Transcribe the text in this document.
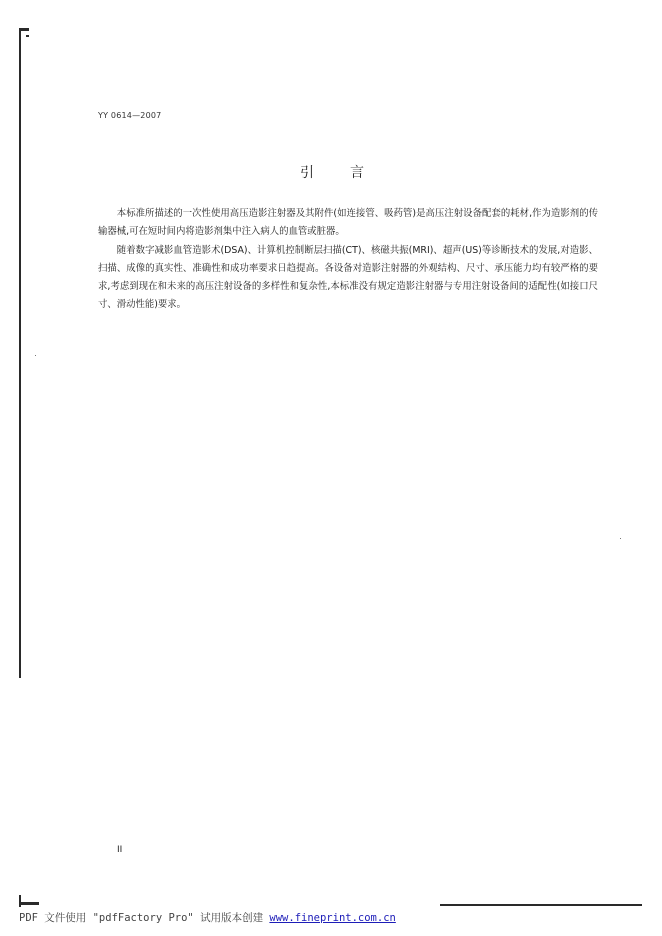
YY 0614—2007
引言

本标准所描述的一次性使用高压造影注射器及其附件(如连接管、吸药管)是高压注射设备配套的耗材,作为造影剂的传输器械,可在短时间内将造影剂集中注入病人的血管或脏器。

随着数字减影血管造影术(DSA)、计算机控制断层扫描(CT)、核磁共振(MRI)、超声(US)等诊断技术的发展,对造影、扫描、成像的真实性、准确性和成功率要求日趋提高。各设备对造影注射器的外观结构、尺寸、承压能力均有较严格的要求,考虑到现在和未来的高压注射设备的多样性和复杂性,本标准没有规定造影注射器与专用注射设备间的适配性(如接口尺寸、滑动性能)要求。

II
PDF 文件使用 "pdfFactory Pro" 试用版本创建 www.fineprint.com.cn
